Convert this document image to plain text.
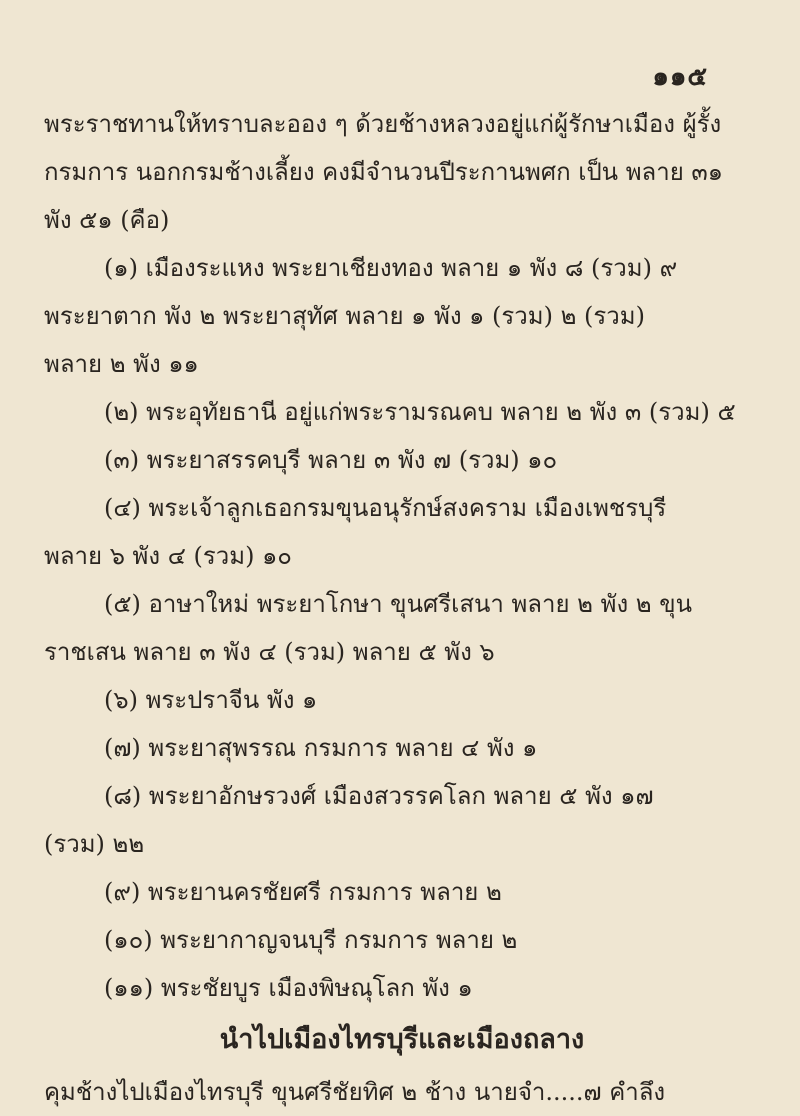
๑๑๕
พระราชทานให้ทราบละออง ๆ ด้วยช้างหลวงอยู่แก่ผู้รักษาเมือง ผู้รั้ง
กรมการ นอกกรมช้างเลี้ยง คงมีจำนวนปีระกานพศก เป็น พลาย ๓๑
พัง ๕๑ (คือ)
(๑) เมืองระแหง พระยาเชียงทอง พลาย ๑ พัง ๘ (รวม) ๙
พระยาตาก พัง ๒ พระยาสุทัศ พลาย ๑ พัง ๑ (รวม) ๒ (รวม)
พลาย ๒ พัง ๑๑
(๒) พระอุทัยธานี อยู่แก่พระรามรณคบ พลาย ๒ พัง ๓ (รวม) ๕
(๓) พระยาสรรคบุรี พลาย ๓ พัง ๗ (รวม) ๑๐
(๔) พระเจ้าลูกเธอกรมขุนอนุรักษ์สงคราม เมืองเพชรบุรี
พลาย ๖ พัง ๔ (รวม) ๑๐
(๕) อาษาใหม่ พระยาโกษา ขุนศรีเสนา พลาย ๒ พัง ๒ ขุน
ราชเสน พลาย ๓ พัง ๔ (รวม) พลาย ๕ พัง ๖
(๖) พระปราจีน พัง ๑
(๗) พระยาสุพรรณ กรมการ พลาย ๔ พัง ๑
(๘) พระยาอักษรวงศ์ เมืองสวรรคโลก พลาย ๕ พัง ๑๗
(รวม) ๒๒
(๙) พระยานครชัยศรี กรมการ พลาย ๒
(๑๐) พระยากาญจนบุรี กรมการ พลาย ๒
(๑๑) พระชัยบูร เมืองพิษณุโลก พัง ๑
นำไปเมืองไทรบุรีและเมืองถลาง
คุมช้างไปเมืองไทรบุรี ขุนศรีชัยทิศ ๒ ช้าง นายจำ.....๗ คำลึง
